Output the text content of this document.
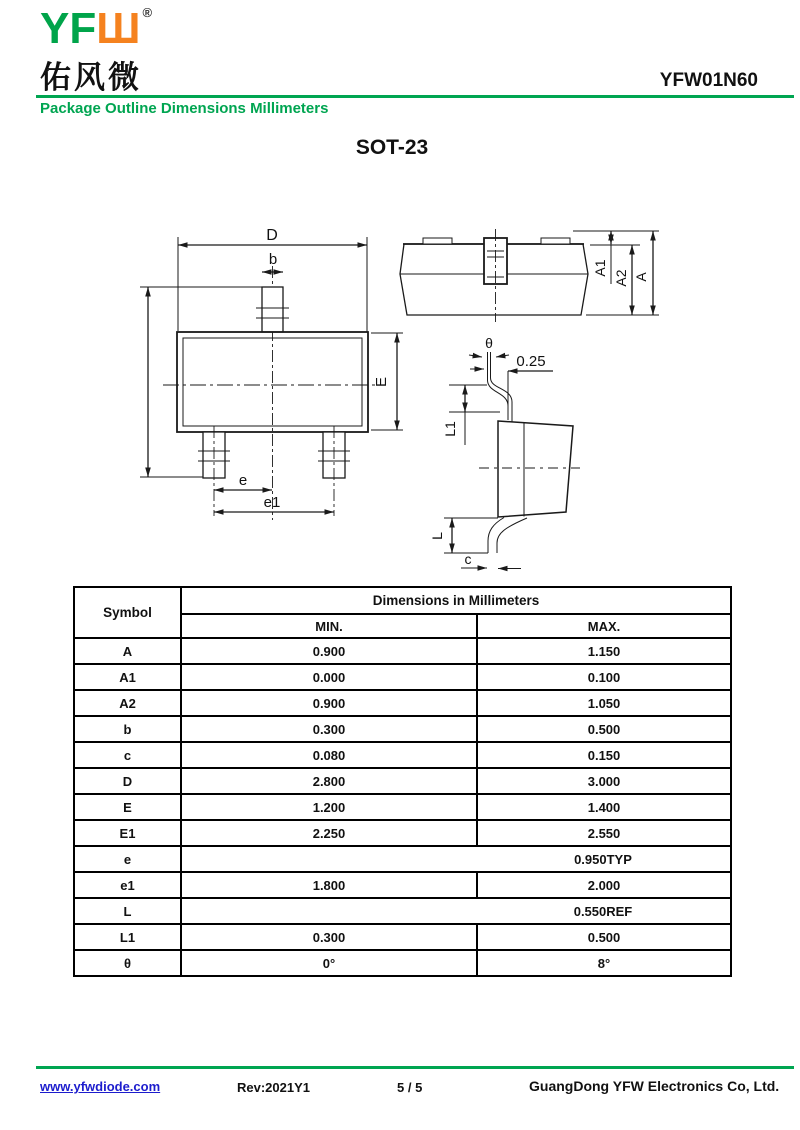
YFШ ®
佑风微	YFW01N60
Package Outline Dimensions Millimeters
SOT-23
D
b
E
e
e1
A1
A2 A
θ
0.25
L1
L
c
Symbol	Dimensions in Millimeters	
	MIN.	MAX.
A	0.900	1.150
A1	0.000	0.100
A2	0.900	1.050
b	0.300	0.500
c	0.080	0.150
D	2.800	3.000
E	1.200	1.400
E1	2.250	2.550
e	0.950TYP	

e1	1.800	2.000
L	0.550REF	

L1	0.300	0.500
θ	0°	8°
www.yfwdiode.com	Rev:2021Y1	5 / 5	GuangDong YFW Electronics Co, Ltd.
